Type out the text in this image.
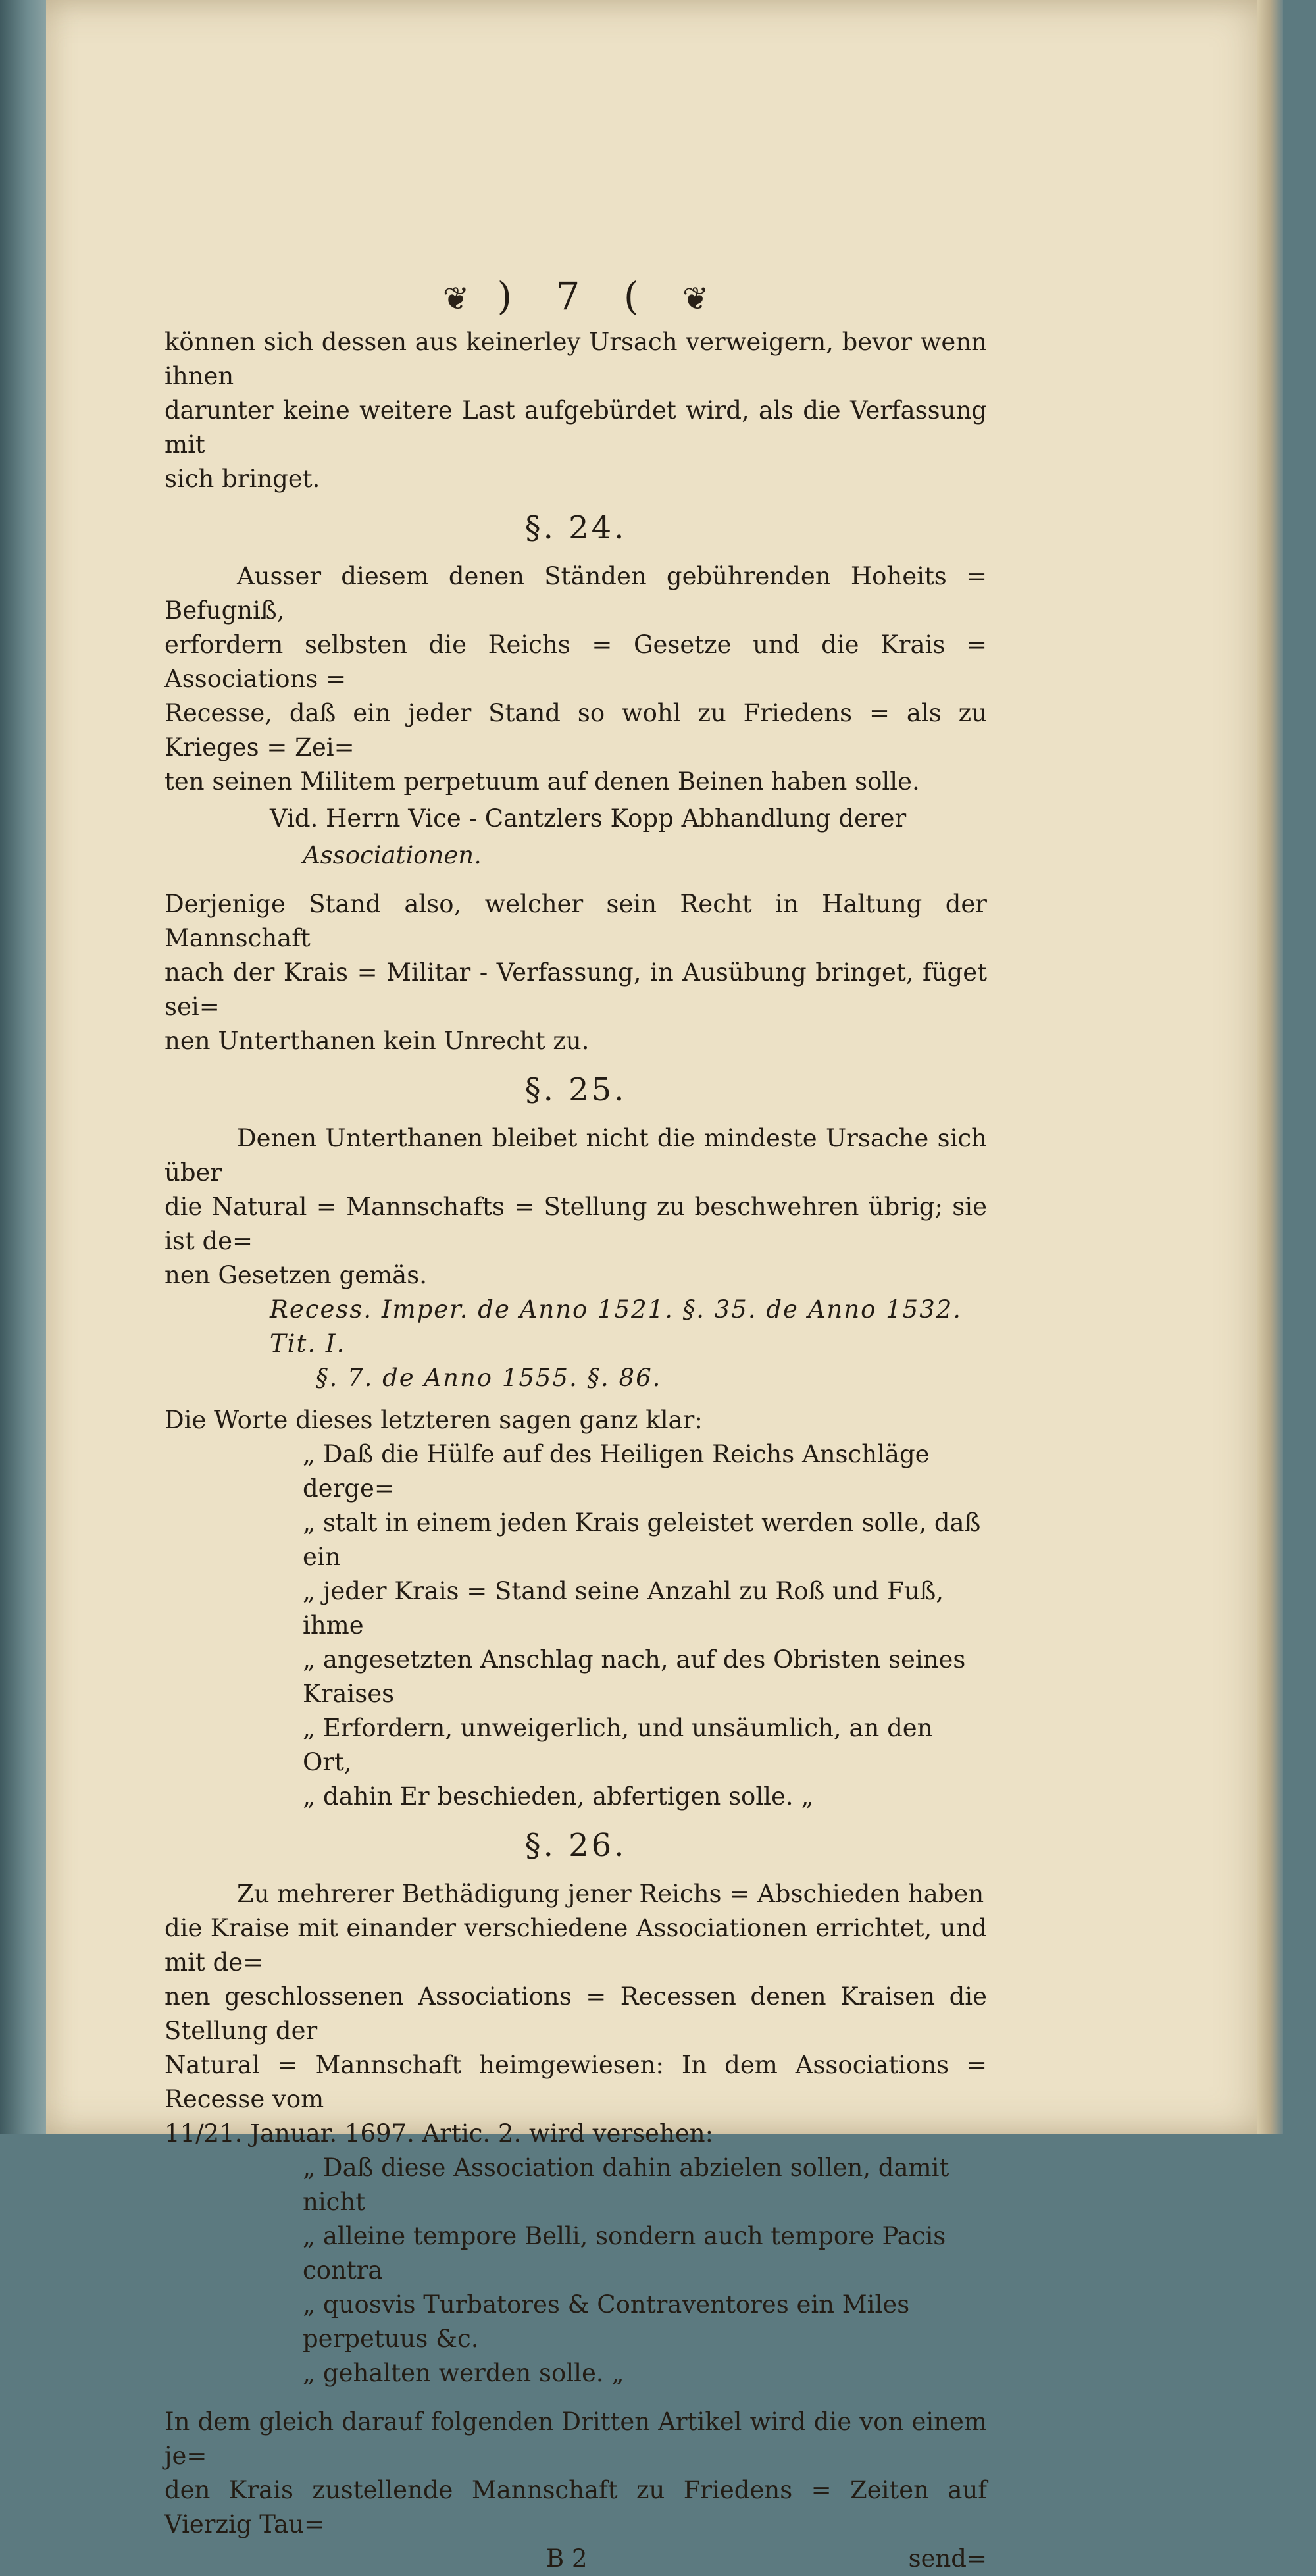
❦ ) 7 ( ❦

können sich dessen aus keinerley Ursach verweigern, bevor wenn ihnen

darunter keine weitere Last aufgebürdet wird, als die Verfassung mit

sich bringet.

§. 24.

Ausser diesem denen Ständen gebührenden Hoheits = Befugniß,

erfordern selbsten die Reichs = Gesetze und die Krais = Associations =

Recesse, daß ein jeder Stand so wohl zu Friedens = als zu Krieges = Zei=

ten seinen Militem perpetuum auf denen Beinen haben solle.

Vid. Herrn Vice - Cantzlers Kopp Abhandlung derer

Associationen.

Derjenige Stand also, welcher sein Recht in Haltung der Mannschaft

nach der Krais = Militar - Verfassung, in Ausübung bringet, füget sei=

nen Unterthanen kein Unrecht zu.

§. 25.

Denen Unterthanen bleibet nicht die mindeste Ursache sich über

die Natural = Mannschafts = Stellung zu beschwehren übrig; sie ist de=

nen Gesetzen gemäs.

Recess. Imper. de Anno 1521. §. 35. de Anno 1532. Tit. I.

§. 7. de Anno 1555. §. 86.

Die Worte dieses letzteren sagen ganz klar:

„ Daß die Hülfe auf des Heiligen Reichs Anschläge derge=

„ stalt in einem jeden Krais geleistet werden solle, daß ein

„ jeder Krais = Stand seine Anzahl zu Roß und Fuß, ihme

„ angesetzten Anschlag nach, auf des Obristen seines Kraises

„ Erfordern, unweigerlich, und unsäumlich, an den Ort,

„ dahin Er beschieden, abfertigen solle. „

§. 26.

Zu mehrerer Bethädigung jener Reichs = Abschieden haben

die Kraise mit einander verschiedene Associationen errichtet, und mit de=

nen geschlossenen Associations = Recessen denen Kraisen die Stellung der

Natural = Mannschaft heimgewiesen: In dem Associations = Recesse vom

11/21. Januar. 1697. Artic. 2. wird versehen:

„ Daß diese Association dahin abzielen sollen, damit nicht

„ alleine tempore Belli, sondern auch tempore Pacis contra

„ quosvis Turbatores & Contraventores ein Miles perpetuus &c.

„ gehalten werden solle. „

In dem gleich darauf folgenden Dritten Artikel wird die von einem je=

den Krais zustellende Mannschaft zu Friedens = Zeiten auf Vierzig Tau=

B 2	send=
